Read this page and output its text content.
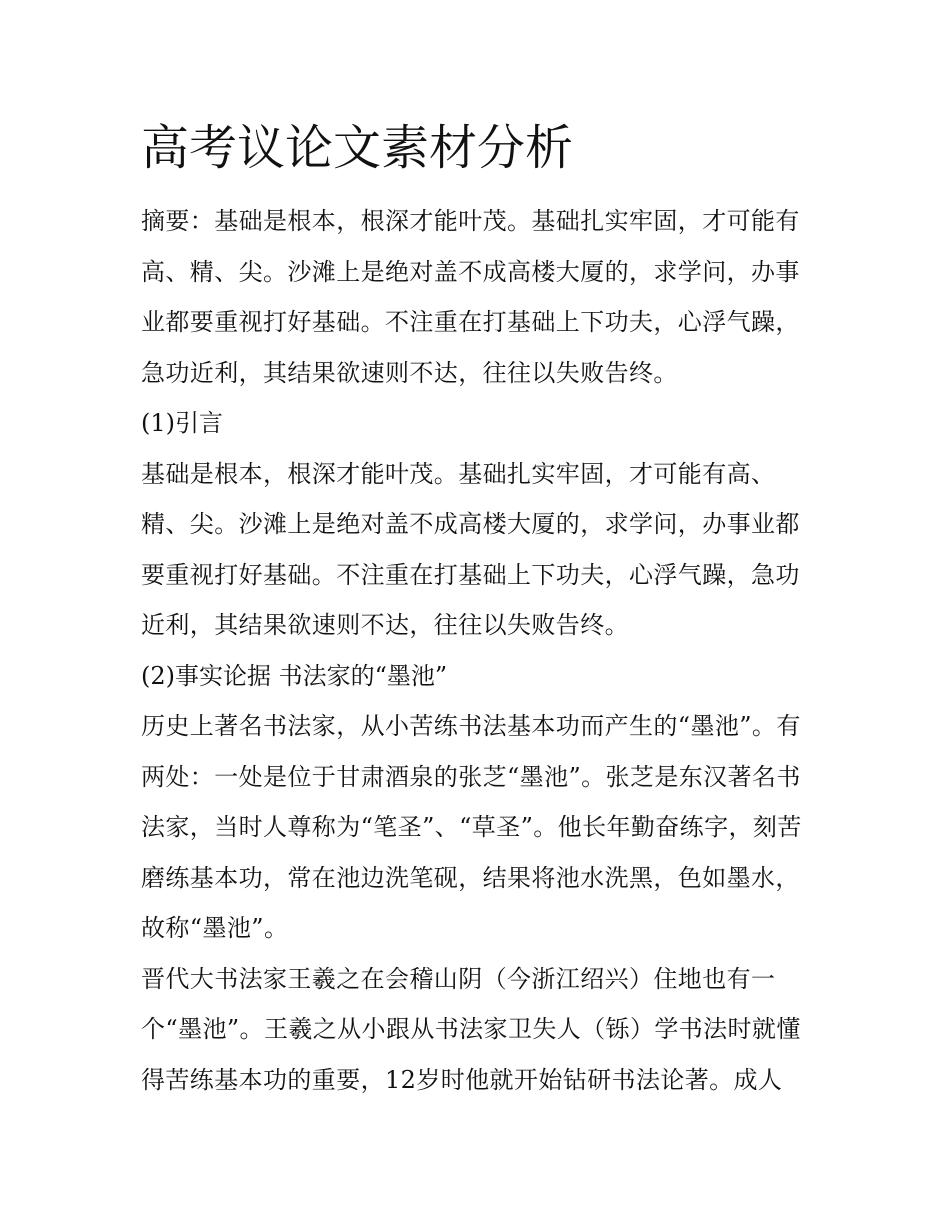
高考议论文素材分析

摘要：基础是根本，根深才能叶茂。基础扎实牢固，才可能有高、精、尖。沙滩上是绝对盖不成高楼大厦的，求学问，办事业都要重视打好基础。不注重在打基础上下功夫，心浮气躁，急功近利，其结果欲速则不达，往往以失败告终。

(1)引言

基础是根本，根深才能叶茂。基础扎实牢固，才可能有高、精、尖。沙滩上是绝对盖不成高楼大厦的，求学问，办事业都要重视打好基础。不注重在打基础上下功夫，心浮气躁，急功近利，其结果欲速则不达，往往以失败告终。

(2)事实论据 书法家的“墨池”

历史上著名书法家，从小苦练书法基本功而产生的“墨池”。有两处：一处是位于甘肃酒泉的张芝“墨池”。张芝是东汉著名书法家，当时人尊称为“笔圣”、“草圣”。他长年勤奋练字，刻苦磨练基本功，常在池边洗笔砚，结果将池水洗黑，色如墨水，故称“墨池”。

晋代大书法家王羲之在会稽山阴（今浙江绍兴）住地也有一个“墨池”。王羲之从小跟从书法家卫失人（铄）学书法时就懂得苦练基本功的重要，12岁时他就开始钻研书法论著。成人
